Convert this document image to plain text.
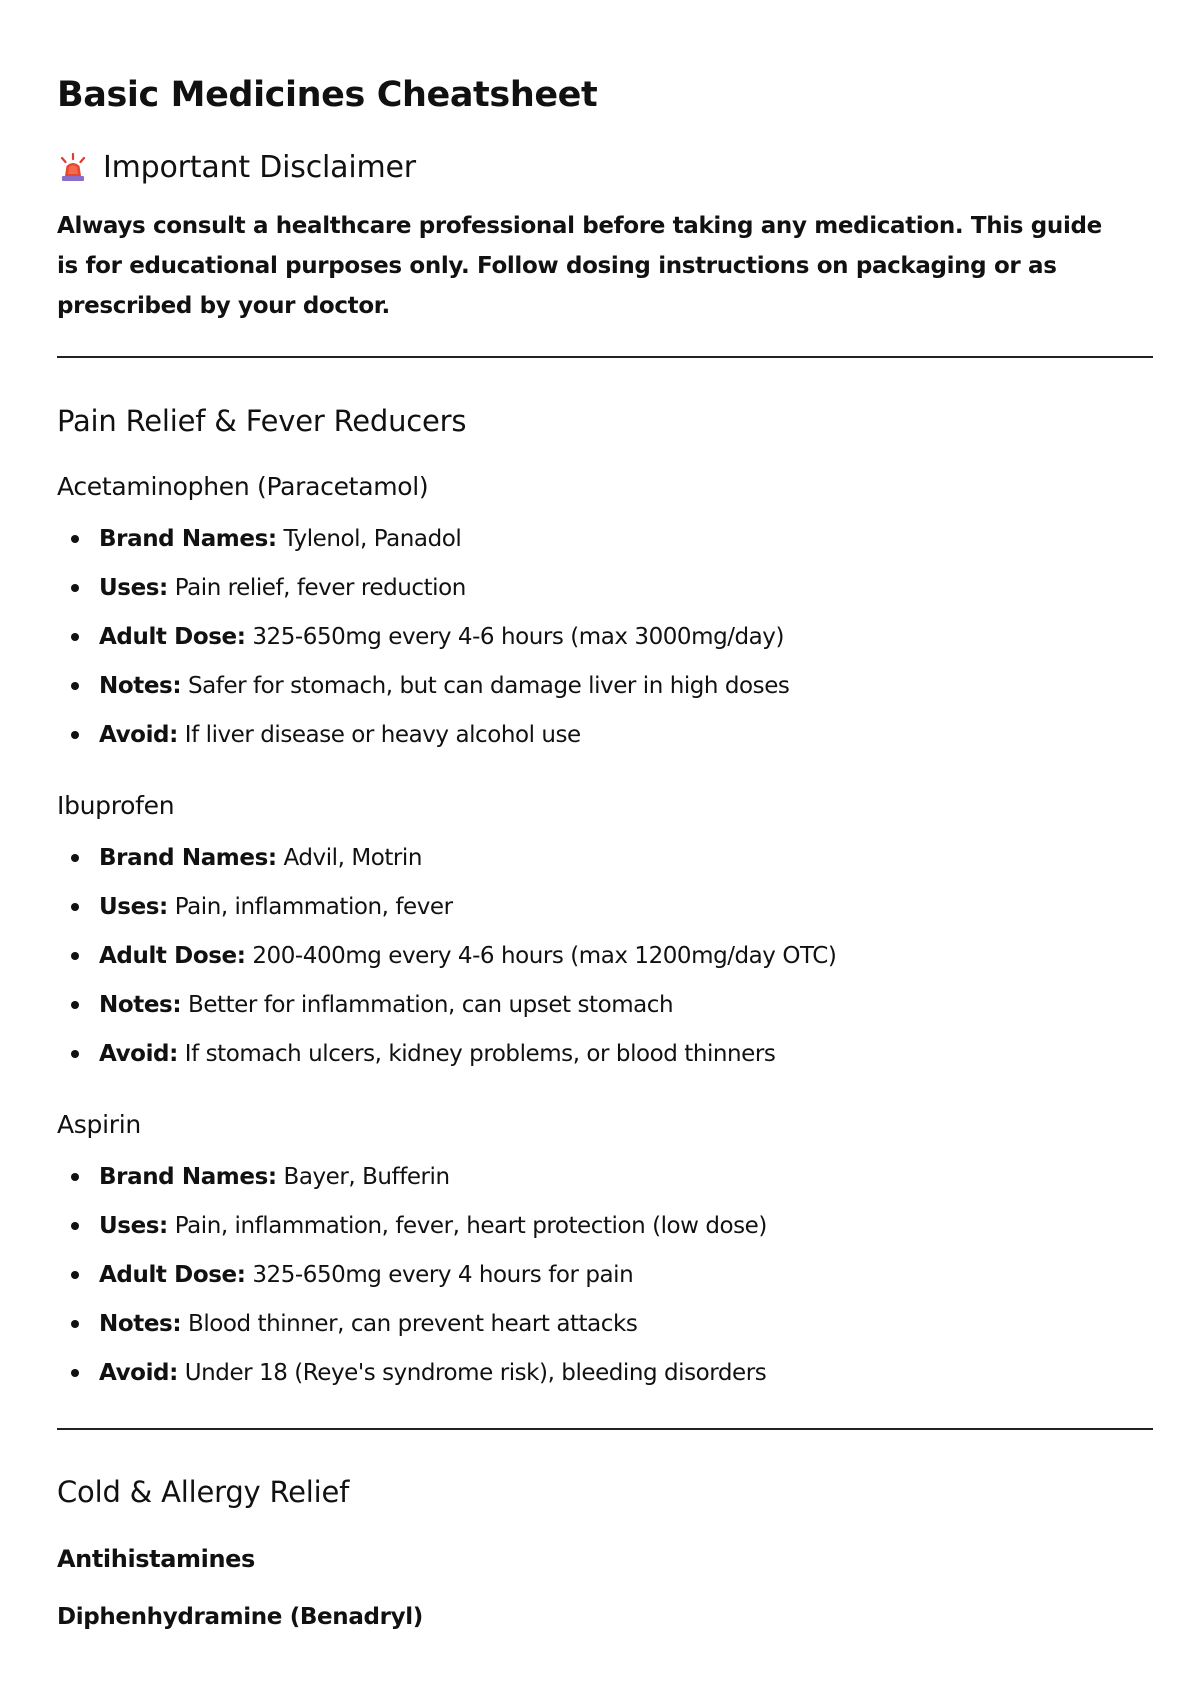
Basic Medicines Cheatsheet
Important Disclaimer

Always consult a healthcare professional before taking any medication. This guide is for educational purposes only. Follow dosing instructions on packaging or as prescribed by your doctor.

Pain Relief & Fever Reducers
Acetaminophen (Paracetamol)
Brand Names: Tylenol, Panadol
Uses: Pain relief, fever reduction
Adult Dose: 325-650mg every 4-6 hours (max 3000mg/day)
Notes: Safer for stomach, but can damage liver in high doses
Avoid: If liver disease or heavy alcohol use
Ibuprofen
Brand Names: Advil, Motrin
Uses: Pain, inflammation, fever
Adult Dose: 200-400mg every 4-6 hours (max 1200mg/day OTC)
Notes: Better for inflammation, can upset stomach
Avoid: If stomach ulcers, kidney problems, or blood thinners
Aspirin
Brand Names: Bayer, Bufferin
Uses: Pain, inflammation, fever, heart protection (low dose)
Adult Dose: 325-650mg every 4 hours for pain
Notes: Blood thinner, can prevent heart attacks
Avoid: Under 18 (Reye's syndrome risk), bleeding disorders
Cold & Allergy Relief
Antihistamines
Diphenhydramine (Benadryl)
